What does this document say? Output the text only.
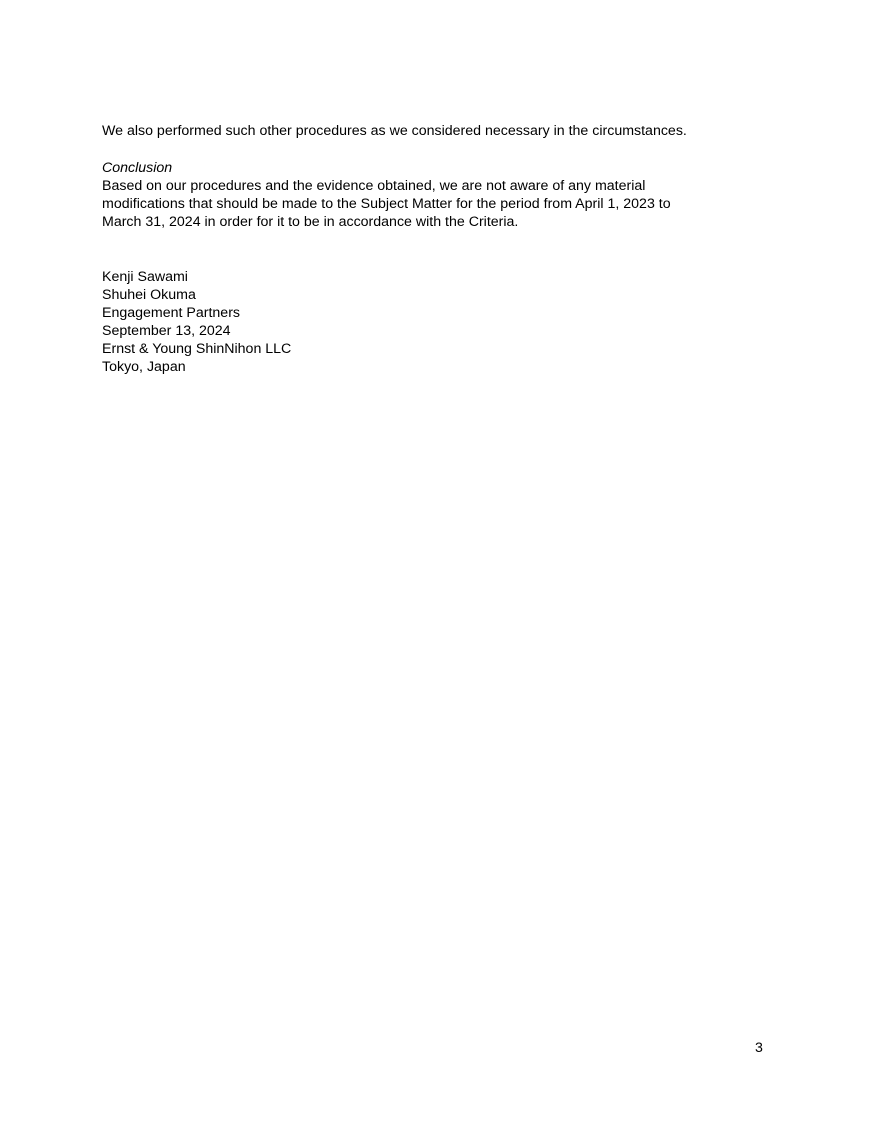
We also performed such other procedures as we considered necessary in the circumstances.

Conclusion

Based on our procedures and the evidence obtained, we are not aware of any material
modifications that should be made to the Subject Matter for the period from April 1, 2023 to
March 31, 2024 in order for it to be in accordance with the Criteria.

Kenji Sawami
Shuhei Okuma
Engagement Partners
September 13, 2024
Ernst & Young ShinNihon LLC
Tokyo, Japan
3
